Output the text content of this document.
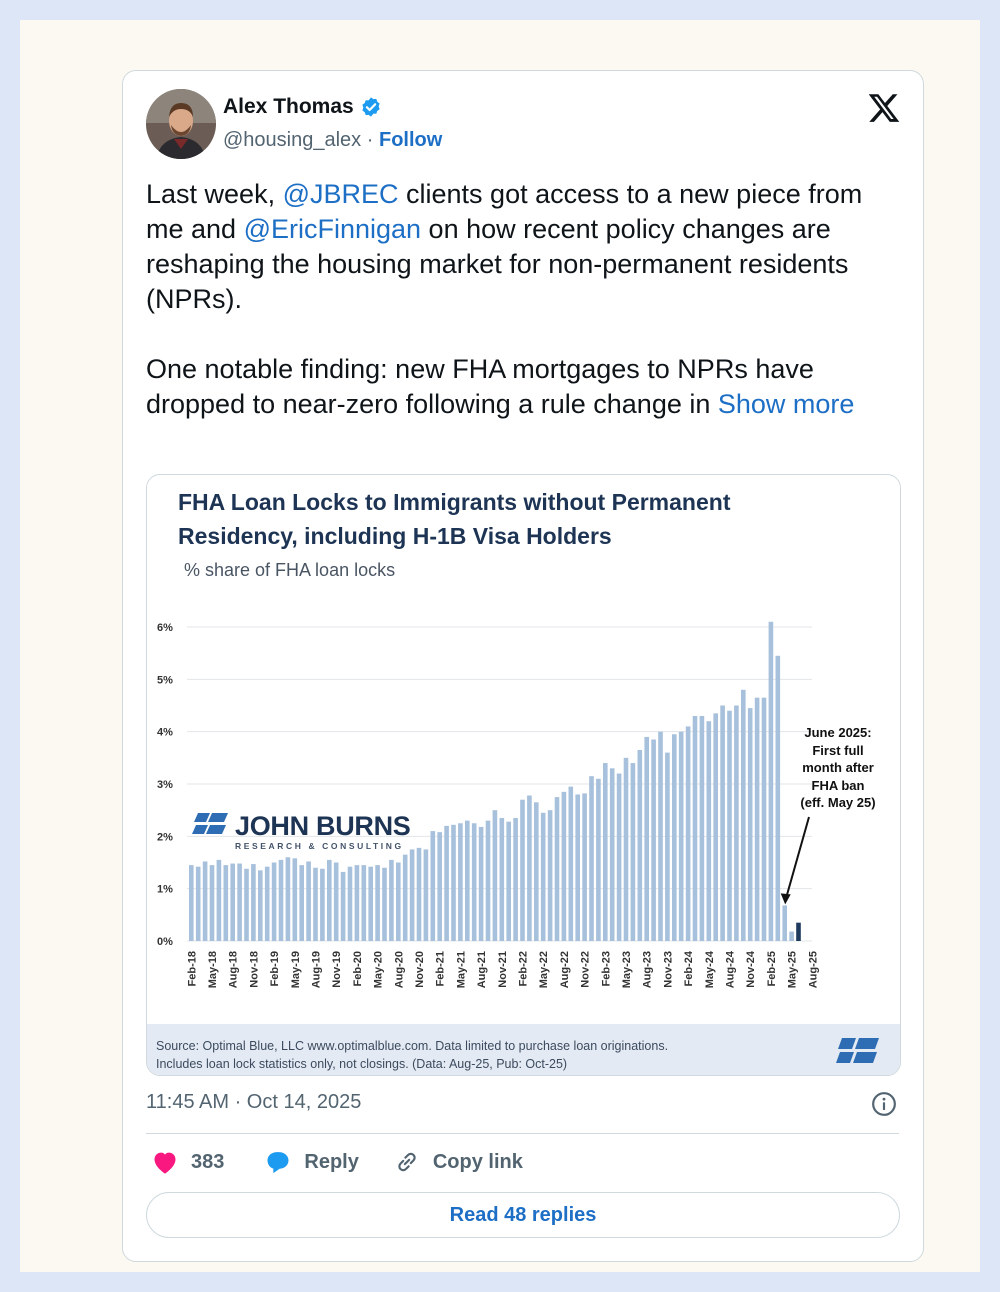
Alex Thomas
@housing_alex · Follow

Last week, @JBREC clients got access to a new piece from me and @EricFinnigan on how recent policy changes are reshaping the housing market for non-permanent residents (NPRs).

One notable finding: new FHA mortgages to NPRs have dropped to near-zero following a rule change in Show more

FHA Loan Locks to Immigrants without Permanent
Residency, including H-1B Visa Holders
% share of FHA loan locks
0%
1%
2%
3%
4%
5%
6%
Feb-18 May-18 Aug-18 Nov-18 Feb-19 May-19 Aug-19 Nov-19 Feb-20 May-20 Aug-20 Nov-20 Feb-21 May-21 Aug-21 Nov-21 Feb-22 May-22 Aug-22 Nov-22 Feb-23 May-23 Aug-23 Nov-23 Feb-24 May-24 Aug-24 Nov-24 Feb-25 May-25 Aug-25
JOHN BURNS
RESEARCH & CONSULTING
June 2025:
First full
month after
FHA ban
(eff. May 25)
Source: Optimal Blue, LLC www.optimalblue.com. Data limited to purchase loan originations.
Includes loan lock statistics only, not closings. (Data: Aug-25, Pub: Oct-25)
11:45 AM · Oct 14, 2025
383	Reply	Copy link
Read 48 replies
